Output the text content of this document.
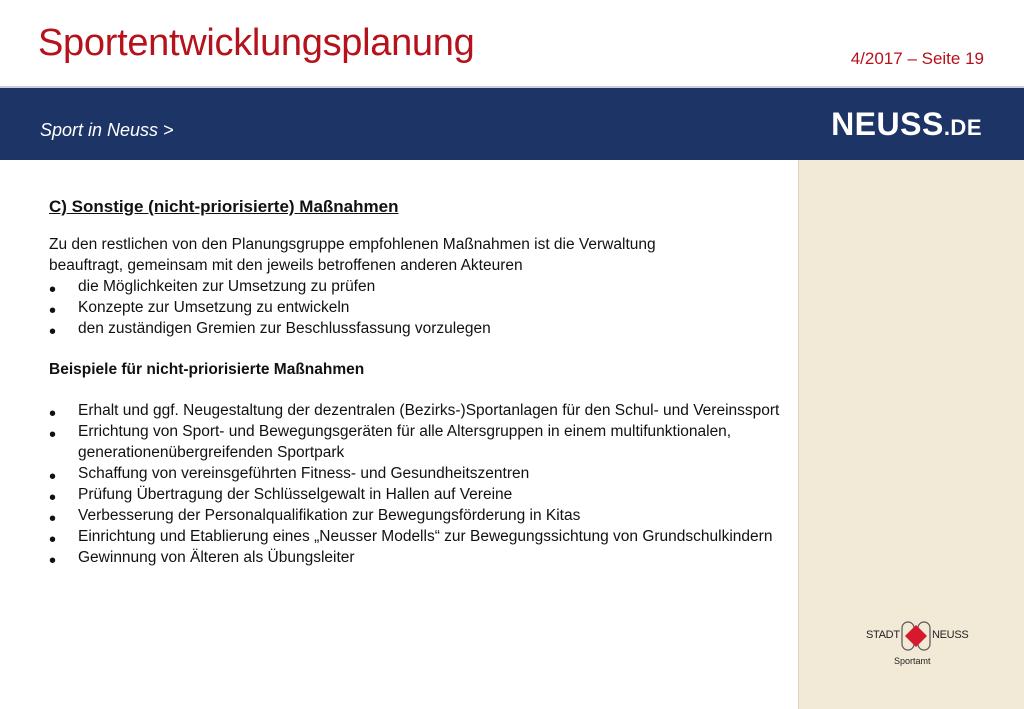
Sportentwicklungsplanung	4/2017 – Seite 19
Sport in Neuss >	NEUSS.DE
C) Sonstige (nicht-priorisierte) Maßnahmen

Zu den restlichen von den Planungsgruppe empfohlenen Maßnahmen ist die Verwaltung
beauftragt, gemeinsam mit den jeweils betroffenen anderen Akteuren

• die Möglichkeiten zur Umsetzung zu prüfen
• Konzepte zur Umsetzung zu entwickeln
• den zuständigen Gremien zur Beschlussfassung vorzulegen
Beispiele für nicht-priorisierte Maßnahmen
• Erhalt und ggf. Neugestaltung der dezentralen (Bezirks-)Sportanlagen für den Schul- und Vereinssport
• Errichtung von Sport- und Bewegungsgeräten für alle Altersgruppen in einem multifunktionalen, generationenübergreifenden Sportpark
• Schaffung von vereinsgeführten Fitness- und Gesundheitszentren
• Prüfung Übertragung der Schlüsselgewalt in Hallen auf Vereine
• Verbesserung der Personalqualifikation zur Bewegungsförderung in Kitas
• Einrichtung und Etablierung eines „Neusser Modells“ zur Bewegungssichtung von Grundschulkindern
• Gewinnung von Älteren als Übungsleiter
STADT	NEUSS
Sportamt
